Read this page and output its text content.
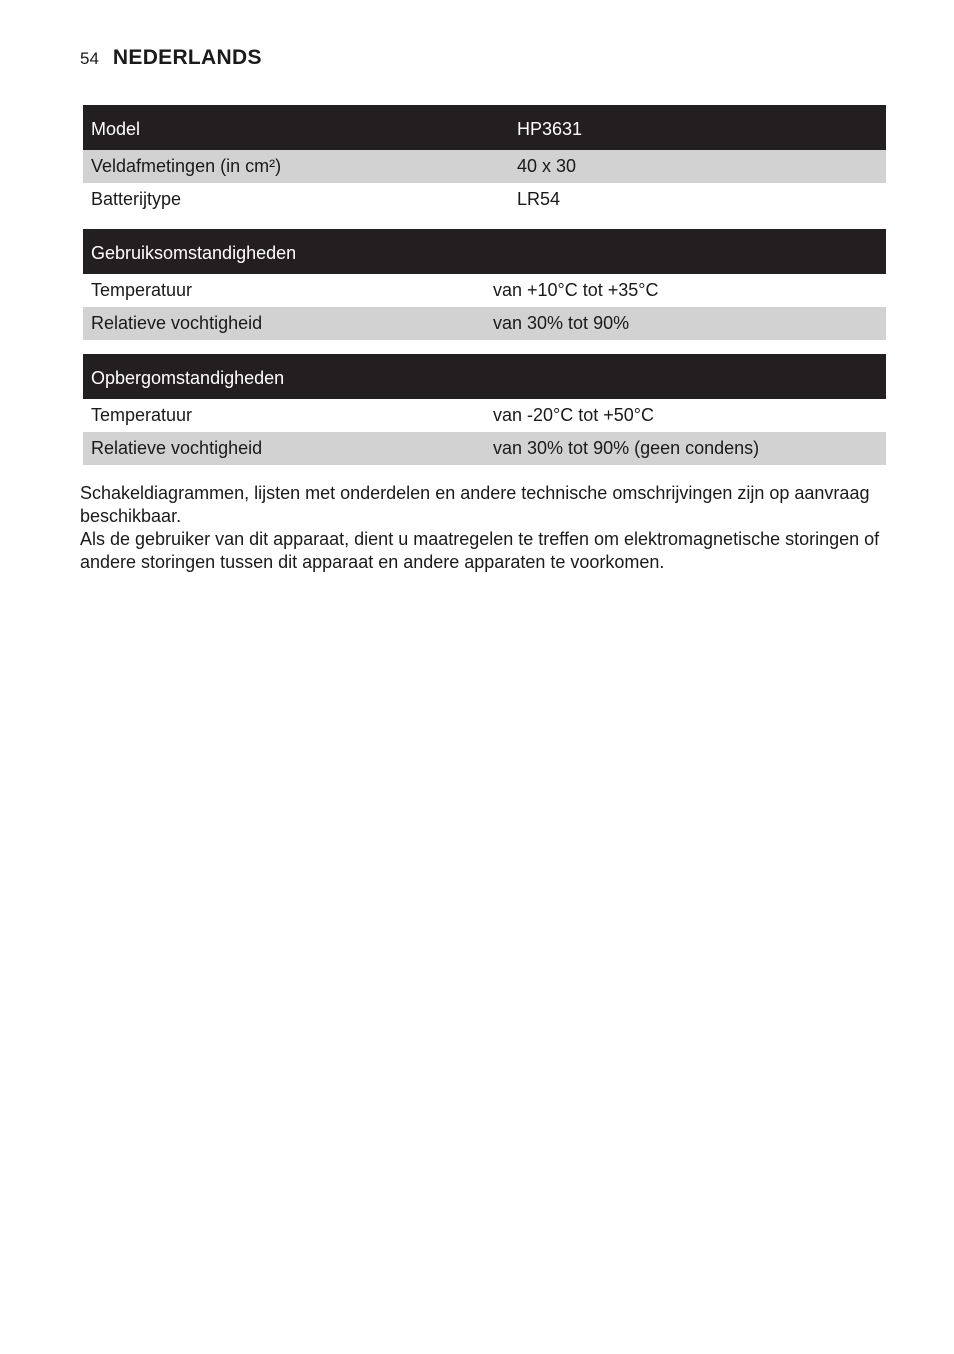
54 NEDERLANDS
Model	HP3631
Veldafmetingen (in cm²)	40 x 30
Batterijtype	LR54
Gebruiksomstandigheden	
Temperatuur	van +10°C tot +35°C
Relatieve vochtigheid	van 30% tot 90%
Opbergomstandigheden	
Temperatuur	van -20°C tot +50°C
Relatieve vochtigheid	van 30% tot 90% (geen condens)

Schakeldiagrammen, lijsten met onderdelen en andere technische omschrijvingen zijn op aanvraag beschikbaar.

Als de gebruiker van dit apparaat, dient u maatregelen te treffen om elektromagnetische storingen of andere storingen tussen dit apparaat en andere apparaten te voorkomen.
